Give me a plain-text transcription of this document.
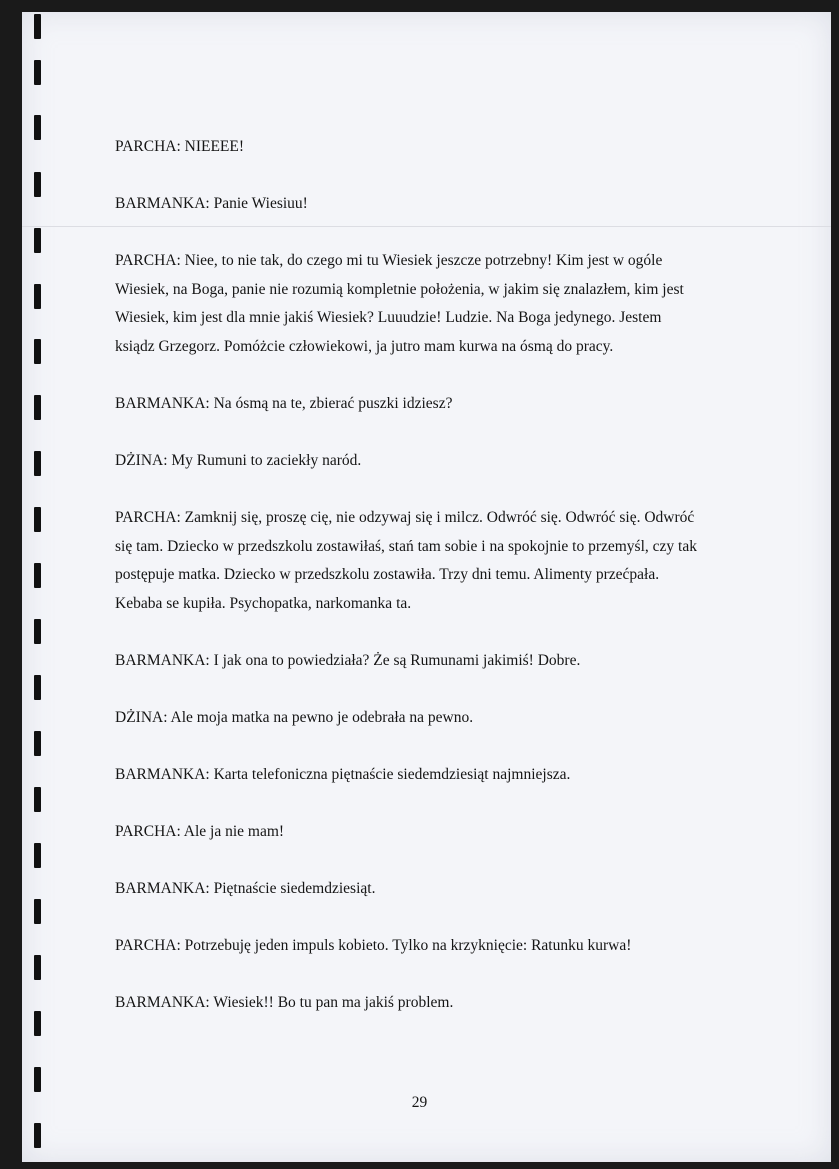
PARCHA: NIEEEE!
BARMANKA: Panie Wiesiuu!
PARCHA: Niee, to nie tak, do czego mi tu Wiesiek jeszcze potrzebny! Kim jest w ogóle
Wiesiek, na Boga, panie nie rozumią kompletnie położenia, w jakim się znalazłem, kim jest
Wiesiek, kim jest dla mnie jakiś Wiesiek? Luuudzie! Ludzie. Na Boga jedynego. Jestem
ksiądz Grzegorz. Pomóżcie człowiekowi, ja jutro mam kurwa na ósmą do pracy.
BARMANKA: Na ósmą na te, zbierać puszki idziesz?
DŻINA: My Rumuni to zaciekły naród.
PARCHA: Zamknij się, proszę cię, nie odzywaj się i milcz. Odwróć się. Odwróć się. Odwróć
się tam. Dziecko w przedszkolu zostawiłaś, stań tam sobie i na spokojnie to przemyśl, czy tak
postępuje matka. Dziecko w przedszkolu zostawiła. Trzy dni temu. Alimenty przećpała.
Kebaba se kupiła. Psychopatka, narkomanka ta.
BARMANKA: I jak ona to powiedziała? Że są Rumunami jakimiś! Dobre.
DŻINA: Ale moja matka na pewno je odebrała na pewno.
BARMANKA: Karta telefoniczna piętnaście siedemdziesiąt najmniejsza.
PARCHA: Ale ja nie mam!
BARMANKA: Piętnaście siedemdziesiąt.
PARCHA: Potrzebuję jeden impuls kobieto. Tylko na krzyknięcie: Ratunku kurwa!
BARMANKA: Wiesiek!! Bo tu pan ma jakiś problem.
29
